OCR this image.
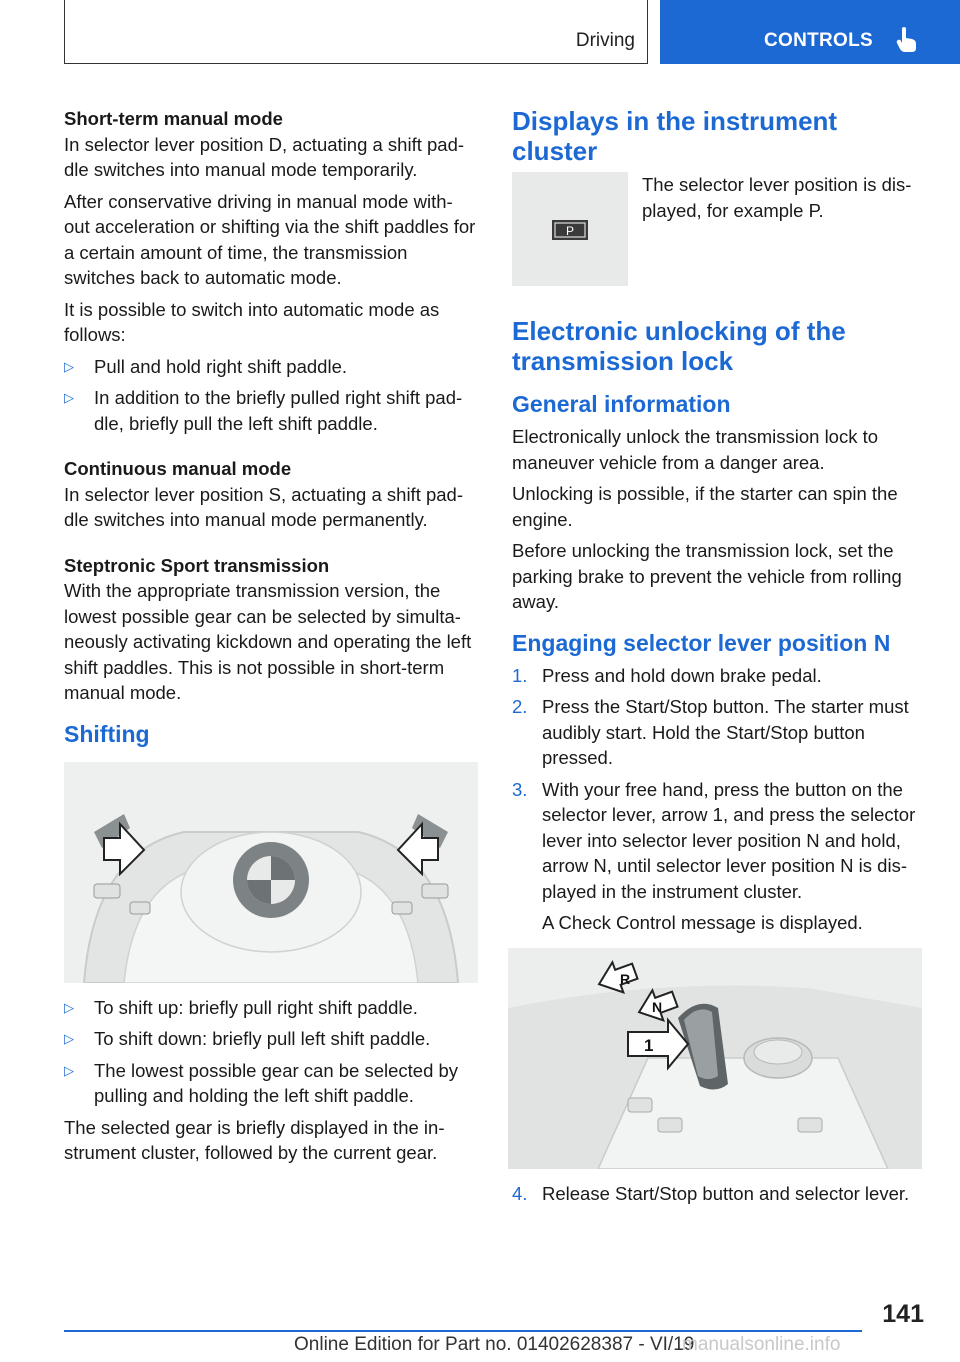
Driving	CONTROLS

Short-term manual mode

In selector lever position D, actuating a shift pad‐dle switches into manual mode temporarily.

After conservative driving in manual mode with‐out acceleration or shifting via the shift paddles for a certain amount of time, the transmission switches back to automatic mode.

It is possible to switch into automatic mode as follows:

▷ Pull and hold right shift paddle.
▷ In addition to the briefly pulled right shift pad‐dle, briefly pull the left shift paddle.

Continuous manual mode

In selector lever position S, actuating a shift pad‐dle switches into manual mode permanently.

Steptronic Sport transmission

With the appropriate transmission version, the lowest possible gear can be selected by simulta‐neously activating kickdown and operating the left shift paddles. This is not possible in short-term manual mode.

Shifting
▷ To shift up: briefly pull right shift paddle.
▷ To shift down: briefly pull left shift paddle.
▷ The lowest possible gear can be selected by pulling and holding the left shift paddle.

The selected gear is briefly displayed in the in‐strument cluster, followed by the current gear.

Displays in the instrument cluster
P

The selector lever position is dis‐played, for example P.

Electronic unlocking of the transmission lock
General information

Electronically unlock the transmission lock to maneuver vehicle from a danger area.

Unlocking is possible, if the starter can spin the engine.

Before unlocking the transmission lock, set the parking brake to prevent the vehicle from rolling away.

Engaging selector lever position N
1. Press and hold down brake pedal.
2. Press the Start/Stop button. The starter must audibly start. Hold the Start/Stop button pressed.
3. With your free hand, press the button on the selector lever, arrow 1, and press the selector lever into selector lever position N and hold, arrow N, until selector lever position N is dis‐played in the instrument cluster.
A Check Control message is displayed.
R
N
1
4. Release Start/Stop button and selector lever.
141
Online Edition for Part no. 01402628387 - VI/19
manualsonline.info
